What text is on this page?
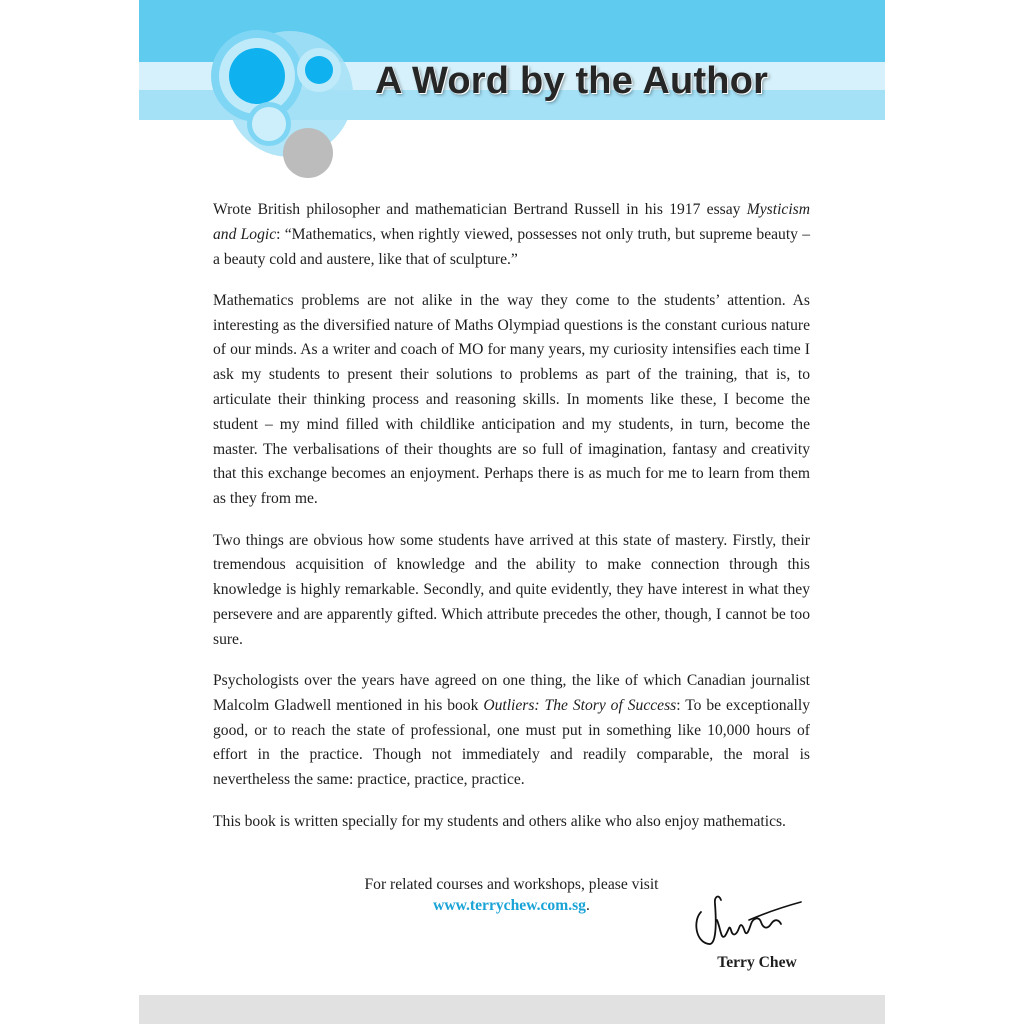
A Word by the Author

Wrote British philosopher and mathematician Bertrand Russell in his 1917 essay Mysticism and Logic: “Mathematics, when rightly viewed, possesses not only truth, but supreme beauty – a beauty cold and austere, like that of sculpture.”

Mathematics problems are not alike in the way they come to the students’ attention. As interesting as the diversified nature of Maths Olympiad questions is the constant curious nature of our minds. As a writer and coach of MO for many years, my curiosity intensifies each time I ask my students to present their solutions to problems as part of the training, that is, to articulate their thinking process and reasoning skills. In moments like these, I become the student – my mind filled with childlike anticipation and my students, in turn, become the master. The verbalisations of their thoughts are so full of imagination, fantasy and creativity that this exchange becomes an enjoyment. Perhaps there is as much for me to learn from them as they from me.

Two things are obvious how some students have arrived at this state of mastery. Firstly, their tremendous acquisition of knowledge and the ability to make connection through this knowledge is highly remarkable. Secondly, and quite evidently, they have interest in what they persevere and are apparently gifted. Which attribute precedes the other, though, I cannot be too sure.

Psychologists over the years have agreed on one thing, the like of which Canadian journalist Malcolm Gladwell mentioned in his book Outliers: The Story of Success: To be exceptionally good, or to reach the state of professional, one must put in something like 10,000 hours of effort in the practice. Though not immediately and readily comparable, the moral is nevertheless the same: practice, practice, practice.

This book is written specially for my students and others alike who also enjoy mathematics.

For related courses and workshops, please visit
www.terrychew.com.sg.
Terry Chew
